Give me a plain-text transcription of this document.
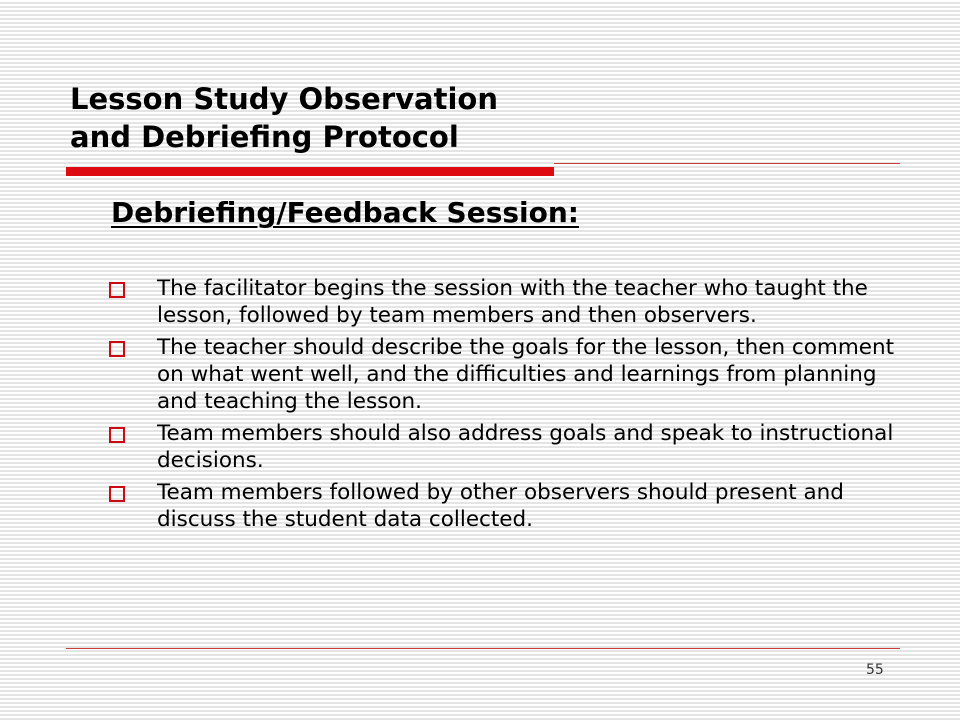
Lesson Study Observation
and Debriefing Protocol
Debriefing/Feedback Session:
The facilitator begins the session with the teacher who taught the lesson, followed by team members and then observers.
The teacher should describe the goals for the lesson, then comment on what went well, and the difficulties and learnings from planning and teaching the lesson.
Team members should also address goals and speak to instructional decisions.
Team members followed by other observers should present and discuss the student data collected.
55
